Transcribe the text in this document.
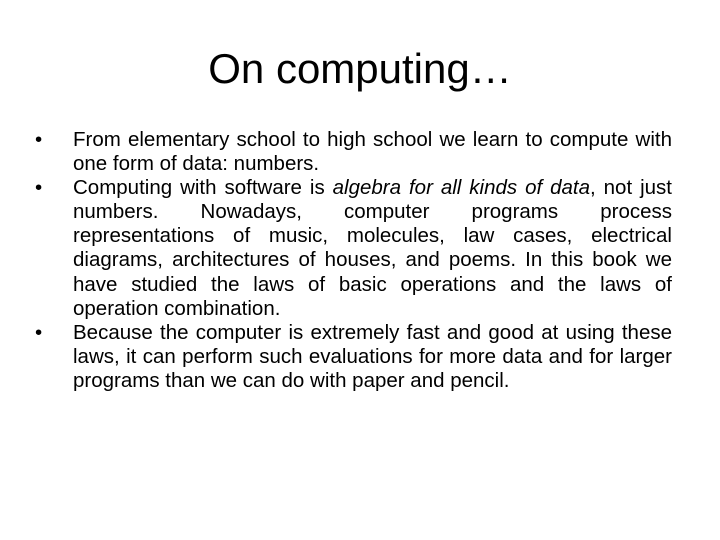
On computing…
•	From elementary school to high school we learn to compute with one form of data: numbers.
•	Computing with software is algebra for all kinds of data, not just numbers. Nowadays, computer programs process representations of music, molecules, law cases, electrical diagrams, architectures of houses, and poems. In this book we have studied the laws of basic operations and the laws of operation combination.
•	Because the computer is extremely fast and good at using these laws, it can perform such evaluations for more data and for larger programs than we can do with paper and pencil.
